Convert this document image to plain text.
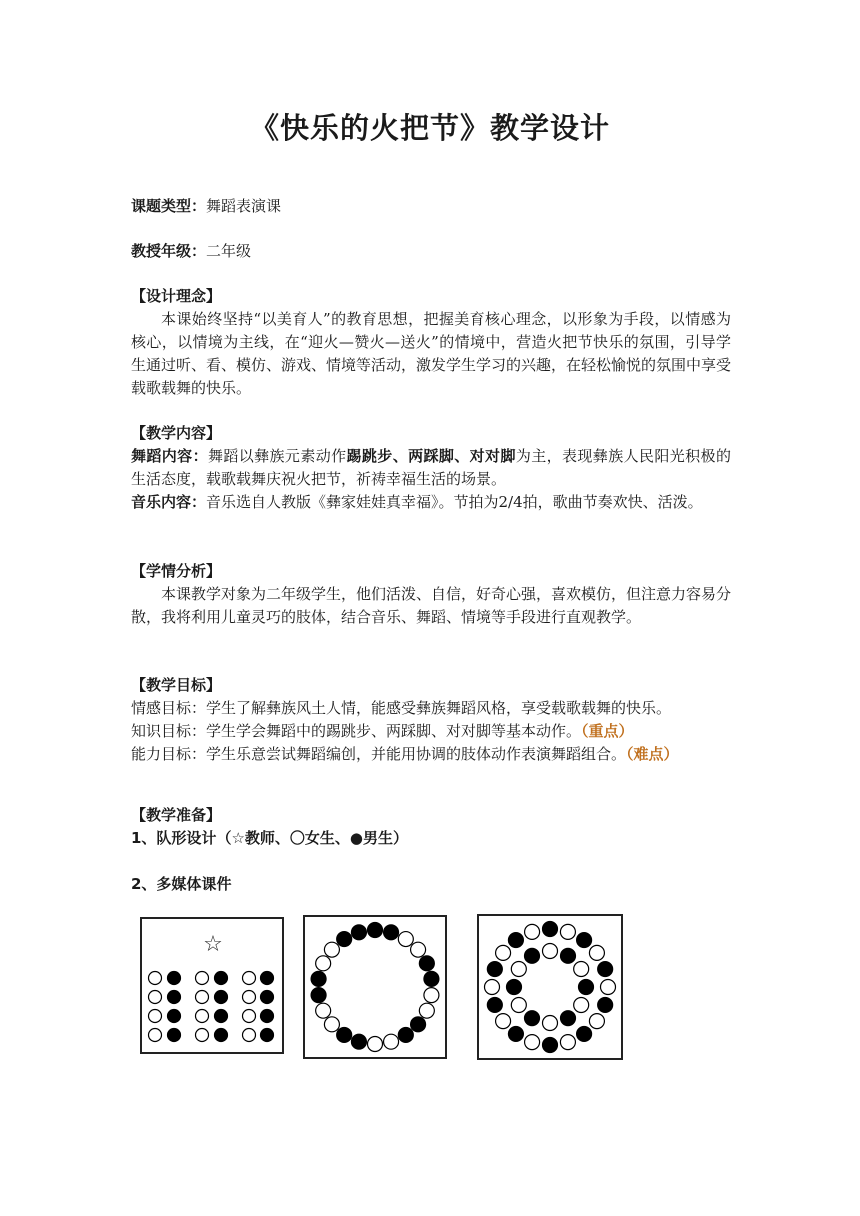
《快乐的火把节》教学设计
课题类型：舞蹈表演课
教授年级：二年级
【设计理念】
本课始终坚持“以美育人”的教育思想，把握美育核心理念，以形象为手段，以情感为核心，以情境为主线，在“迎火—赞火—送火”的情境中，营造火把节快乐的氛围，引导学生通过听、看、模仿、游戏、情境等活动，激发学生学习的兴趣，在轻松愉悦的氛围中享受载歌载舞的快乐。
【教学内容】
舞蹈内容：舞蹈以彝族元素动作踢跳步、两踩脚、对对脚为主，表现彝族人民阳光积极的生活态度，载歌载舞庆祝火把节，祈祷幸福生活的场景。
音乐内容：音乐选自人教版《彝家娃娃真幸福》。节拍为2/4拍，歌曲节奏欢快、活泼。
【学情分析】
本课教学对象为二年级学生，他们活泼、自信，好奇心强，喜欢模仿，但注意力容易分散，我将利用儿童灵巧的肢体，结合音乐、舞蹈、情境等手段进行直观教学。
【教学目标】
情感目标：学生了解彝族风土人情，能感受彝族舞蹈风格，享受载歌载舞的快乐。
知识目标：学生学会舞蹈中的踢跳步、两踩脚、对对脚等基本动作。（重点）
能力目标：学生乐意尝试舞蹈编创，并能用协调的肢体动作表演舞蹈组合。（难点）
【教学准备】
1、队形设计（☆教师、〇女生、●男生）
2、多媒体课件
☆
